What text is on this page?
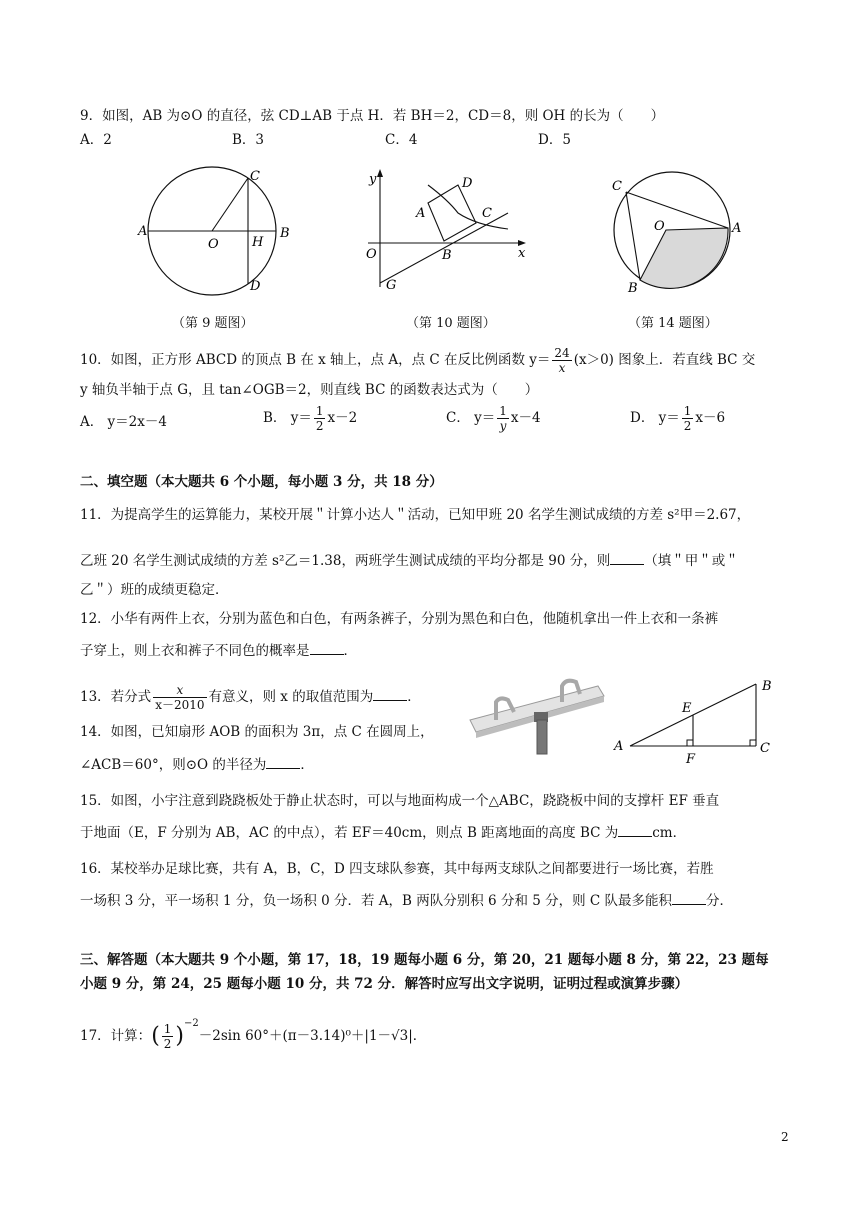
9．如图，AB 为⊙O 的直径，弦 CD⊥AB 于点 H．若 BH＝2，CD＝8，则 OH 的长为（　　）
A．2	B．3	C．4	D．5
A
O	H
B
C
D
（第 9 题图）
y
x
O
A
B
C
D
G
（第 10 题图）
C
O	A
B
（第 14 题图）
10．如图，正方形 ABCD 的顶点 B 在 x 轴上，点 A，点 C 在反比例函数 $y= \frac{24}{x} (x>0)$ 图象上．若直线 BC 交
y 轴负半轴于点 G，且 tan∠OGB＝2，则直线 BC 的函数表达式为（　　）
A． y＝2x－4	B． $y= \frac{1}{2} x-2$	C． $y= \frac{1}{y} x-4$	D． $y= \frac{1}{2} x-6$
二、填空题（本大题共 6 个小题，每小题 3 分，共 18 分）
11．为提高学生的运算能力，某校开展＂计算小达人＂活动，已知甲班 20 名学生测试成绩的方差 s²甲＝2.67，
乙班 20 名学生测试成绩的方差 s²乙＝1.38，两班学生测试成绩的平均分都是 90 分，则	（填＂甲＂或＂
乙＂）班的成绩更稳定．
12．小华有两件上衣，分别为蓝色和白色，有两条裤子，分别为黑色和白色，他随机拿出一件上衣和一条裤
子穿上，则上衣和裤子不同色的概率是	．
13．若分式 $\frac{x}{x-2010}$ 有意义，则 x 的取值范围为	．
14．如图，已知扇形 AOB 的面积为 3π，点 C 在圆周上，
∠ACB＝60°，则⊙O 的半径为	．
A
B
C
E
F
15．如图，小宇注意到跷跷板处于静止状态时，可以与地面构成一个△ABC，跷跷板中间的支撑杆 EF 垂直
于地面（E，F 分别为 AB，AC 的中点），若 EF＝40cm，则点 B 距离地面的高度 BC 为	cm．
16．某校举办足球比赛，共有 A，B，C，D 四支球队参赛，其中每两支球队之间都要进行一场比赛，若胜
一场积 3 分，平一场积 1 分，负一场积 0 分．若 A，B 两队分别积 6 分和 5 分，则 C 队最多能积	分．
三、解答题（本大题共 9 个小题，第 17，18，19 题每小题 6 分，第 20，21 题每小题 8 分，第 22，23 题每
小题 9 分，第 24，25 题每小题 10 分，共 72 分．解答时应写出文字说明，证明过程或演算步骤）
17．计算：( $\frac{1}{2} )^{-2}-2\sin$ 60°＋(π－3.14)⁰＋|1－√3|．
2
